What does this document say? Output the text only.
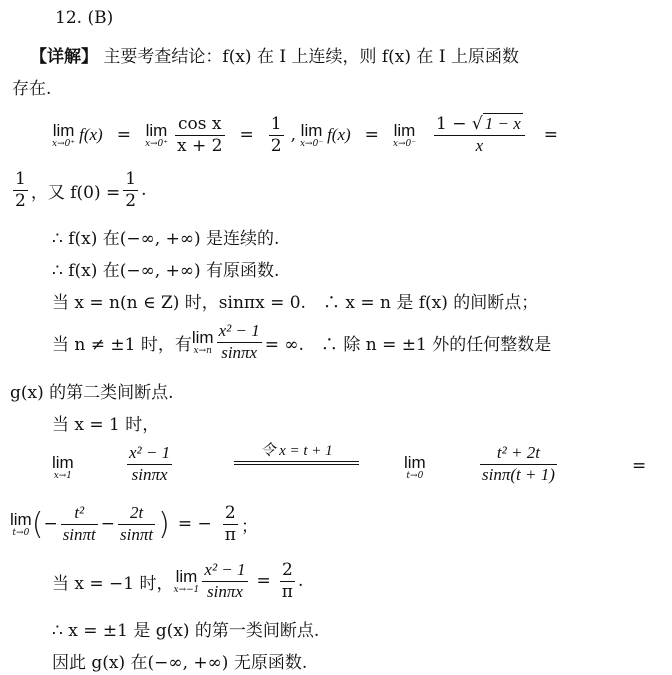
12. (B)
【详解】 主要考查结论：f(x) 在 I 上连续，则 f(x) 在 I 上原函数
存在.
lim
x→0⁺ f(x) = lim
$x\to 0^+ \frac{\text{cos x}}{x + 2} = \frac{1}{2}$ , lim
x→0⁻ f(x) = lim
$x\to 0^- \frac{1 - √ 1 - x}{x}$ =
$\frac{1}{2}$ ，又 $f(0) = \frac{1}{2}$ .
∴ f(x) 在(−∞, +∞) 是连续的.
∴ f(x) 在(−∞, +∞) 有原函数.
当 x = n(n ∈ Z) 时，sinπx = 0.　∴ x = n 是 f(x) 的间断点；
当 n ≠ ±1 时，有 lim
$x\to n \frac{\text{x² − 1}}{\sin\pi x}$ = ∞.　∴ 除 n = ±1 外的任何整数是
g(x) 的第二类间断点.
当 x = 1 时，
lim
x→1	$\frac{\text{x² − 1}}{\sin\pi x}$	令 x = t + 1
lim
t→0	$\frac{\text{t² + 2t}}{\sin\pi(t + 1)}$	=
lim
t→0 ( − $\frac{\text{t²}}{\sin\pi t} - \frac{2t}{\sin\pi t}$ ) = − $\frac{2}{\pi}$ ；
当 x = −1 时， lim
$x\to-1 \frac{\text{x² − 1}}{\sin\pi x} = \frac{2}{\pi}$ .
∴ x = ±1 是 g(x) 的第一类间断点.
因此 g(x) 在(−∞, +∞) 无原函数.
